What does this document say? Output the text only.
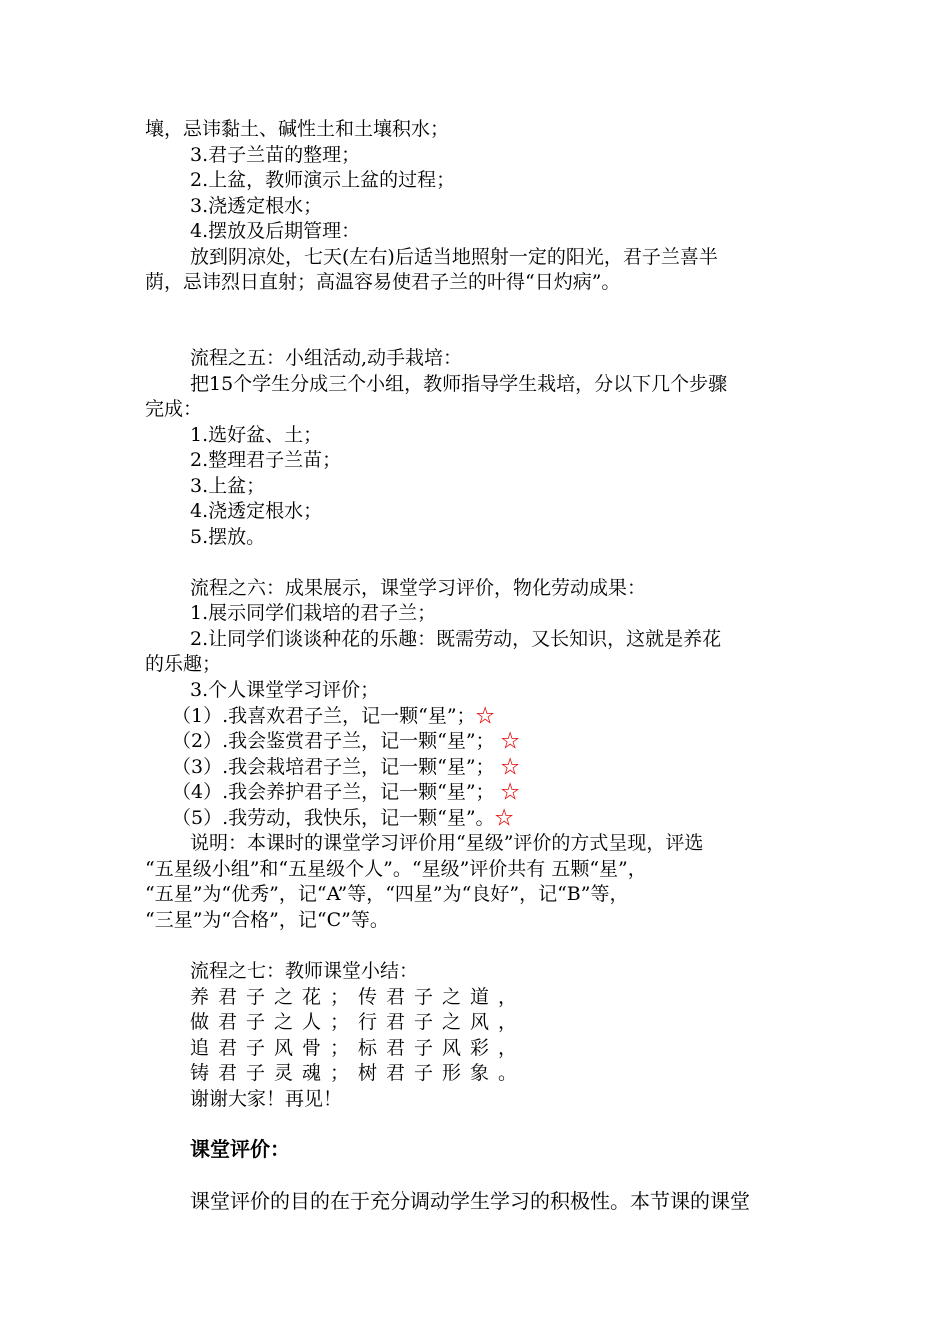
壤，忌讳黏土、碱性土和土壤积水；
3.君子兰苗的整理；
2.上盆，教师演示上盆的过程；
3.浇透定根水；
4.摆放及后期管理：
放到阴凉处，七天(左右)后适当地照射一定的阳光，君子兰喜半
荫，忌讳烈日直射；高温容易使君子兰的叶得“日灼病”。
流程之五：小组活动,动手栽培：
把15个学生分成三个小组，教师指导学生栽培，分以下几个步骤
完成：
1.选好盆、土；
2.整理君子兰苗；
3.上盆；
4.浇透定根水；
5.摆放。
流程之六：成果展示，课堂学习评价，物化劳动成果：
1.展示同学们栽培的君子兰；
2.让同学们谈谈种花的乐趣：既需劳动，又长知识，这就是养花
的乐趣；
3.个人课堂学习评价；
（1）.我喜欢君子兰，记一颗“星”；☆
（2）.我会鉴赏君子兰，记一颗“星”； ☆
（3）.我会栽培君子兰，记一颗“星”； ☆
（4）.我会养护君子兰，记一颗“星”； ☆
（5）.我劳动，我快乐，记一颗“星”。☆
说明：本课时的课堂学习评价用“星级”评价的方式呈现，评选
“五星级小组”和“五星级个人”。“星级”评价共有 五颗“星”，
“五星”为“优秀”，记“A”等，“四星”为“良好”，记“B”等，
“三星”为“合格”，记“C”等。
流程之七：教师课堂小结：
养君子之花；传君子之道，
做君子之人；行君子之风，
追君子风骨；标君子风彩，
铸君子灵魂；树君子形象。
谢谢大家！再见！
课堂评价：
课堂评价的目的在于充分调动学生学习的积极性。本节课的课堂
